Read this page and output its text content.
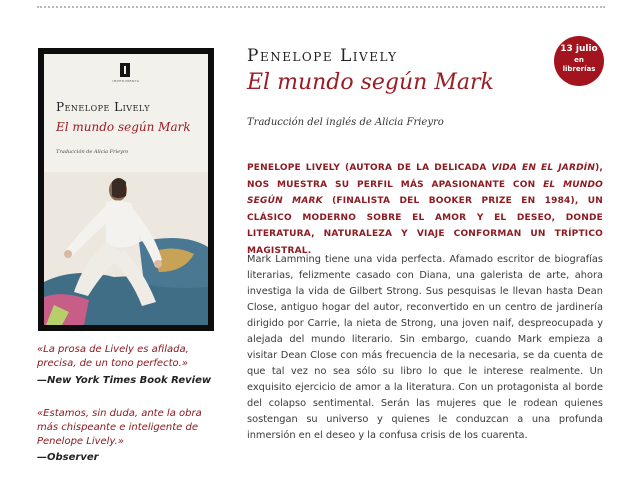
IMPEDIMENTA
Penelope Lively
El mundo según Mark
Traducción de Alicia Frieyro
«La prosa de Lively es afilada,
precisa, de un tono perfecto.»
—New York Times Book Review
«Estamos, sin duda, ante la obra
más chispeante e inteligente de
Penelope Lively.»
—Observer
Penelope Lively
El mundo según Mark
Traducción del inglés de Alicia Frieyro
13 julio
en
librerías
PENELOPE LIVELY (AUTORA DE LA DELICADA VIDA EN EL JARDÍN), NOS MUESTRA SU PERFIL MÁS APASIONANTE CON EL MUNDO SEGÚN MARK (FINALISTA DEL BOOKER PRIZE EN 1984), UN CLÁSICO MODERNO SOBRE EL AMOR Y EL DESEO, DONDE LITERATURA, NATURALEZA Y VIAJE CONFORMAN UN TRÍPTICO MAGISTRAL.

Mark Lamming tiene una vida perfecta. Afamado escritor de biografías literarias, felizmente casado con Diana, una galerista de arte, ahora investiga la vida de Gilbert Strong. Sus pesquisas le llevan hasta Dean Close, antiguo hogar del autor, reconvertido en un centro de jardinería dirigido por Carrie, la nieta de Strong, una joven naif, despreocupada y alejada del mundo literario. Sin embargo, cuando Mark empieza a visitar Dean Close con más frecuencia de la necesaria, se da cuenta de que tal vez no sea sólo su libro lo que le interese realmente. Un exquisito ejercicio de amor a la literatura. Con un protagonista al borde del colapso sentimental. Serán las mujeres que le rodean quienes sostengan su universo y quienes le conduzcan a una profunda inmersión en el deseo y la confusa crisis de los cuarenta.
